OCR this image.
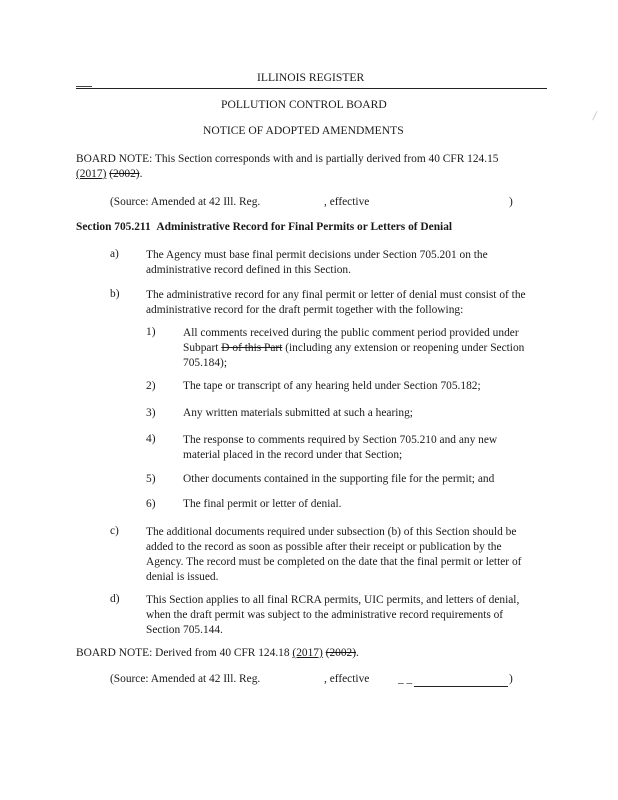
ILLINOIS REGISTER
POLLUTION CONTROL BOARD
NOTICE OF ADOPTED AMENDMENTS
BOARD NOTE: This Section corresponds with and is partially derived from 40 CFR 124.15
(2017) (2002).
(Source: Amended at 42 Ill. Reg.	, effective	)
Section 705.211 Administrative Record for Final Permits or Letters of Denial
a) The Agency must base final permit decisions under Section 705.201 on the
administrative record defined in this Section.
b) The administrative record for any final permit or letter of denial must consist of the
administrative record for the draft permit together with the following:
1) All comments received during the public comment period provided under
Subpart D of this Part (including any extension or reopening under Section
705.184);
2) The tape or transcript of any hearing held under Section 705.182;
3) Any written materials submitted at such a hearing;
4) The response to comments required by Section 705.210 and any new
material placed in the record under that Section;
5) Other documents contained in the supporting file for the permit; and
6) The final permit or letter of denial.
c) The additional documents required under subsection (b) of this Section should be
added to the record as soon as possible after their receipt or publication by the
Agency. The record must be completed on the date that the final permit or letter of
denial is issued.
d) This Section applies to all final RCRA permits, UIC permits, and letters of denial,
when the draft permit was subject to the administrative record requirements of
Section 705.144.
BOARD NOTE: Derived from 40 CFR 124.18 (2017) (2002).
(Source: Amended at 42 Ill. Reg.	, effective	_ _	)
